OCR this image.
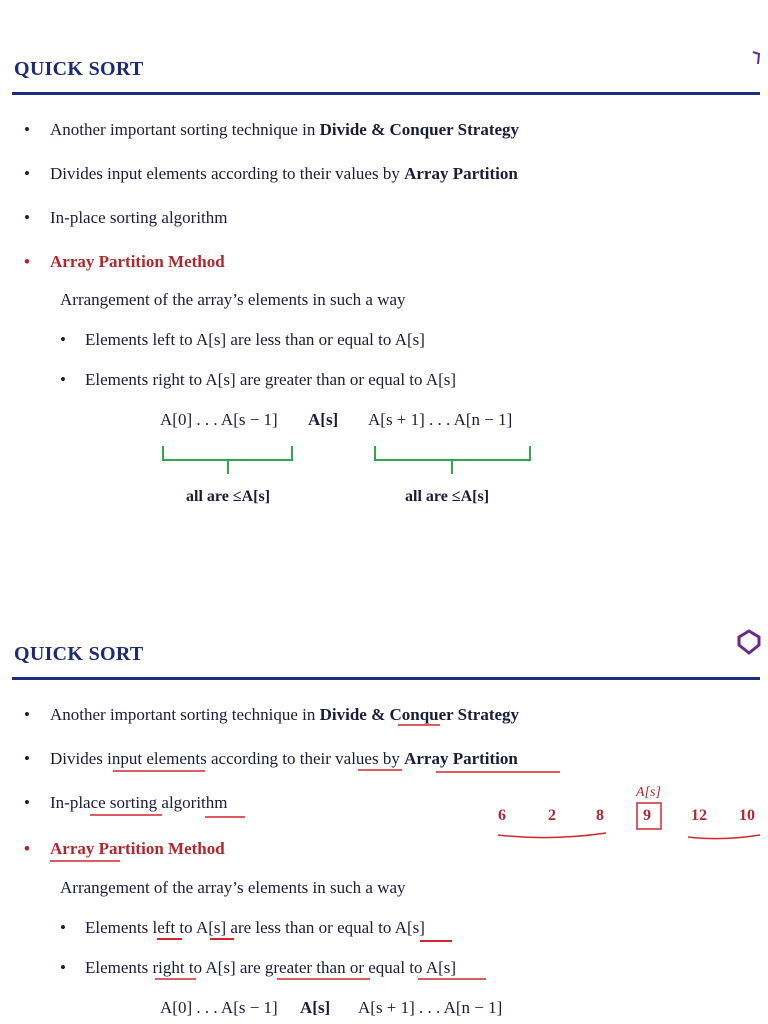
QUICK SORT
• Another important sorting technique in Divide & Conquer Strategy
• Divides input elements according to their values by Array Partition
• In-place sorting algorithm
• Array Partition Method
Arrangement of the array’s elements in such a way
• Elements left to A[s] are less than or equal to A[s]
• Elements right to A[s] are greater than or equal to A[s]
A[0] . . . A[s − 1] A[s] A[s + 1] . . . A[n − 1]
all are ≤A[s]	all are ≤A[s]
QUICK SORT
• Another important sorting technique in Divide & Conquer Strategy
• Divides input elements according to their values by Array Partition
• In-place sorting algorithm
• Array Partition Method
Arrangement of the array’s elements in such a way
• Elements left to A[s] are less than or equal to A[s]
• Elements right to A[s] are greater than or equal to A[s]
A[0] . . . A[s − 1] A[s] A[s + 1] . . . A[n − 1]
A[s]
6	2	8 9	12 10
